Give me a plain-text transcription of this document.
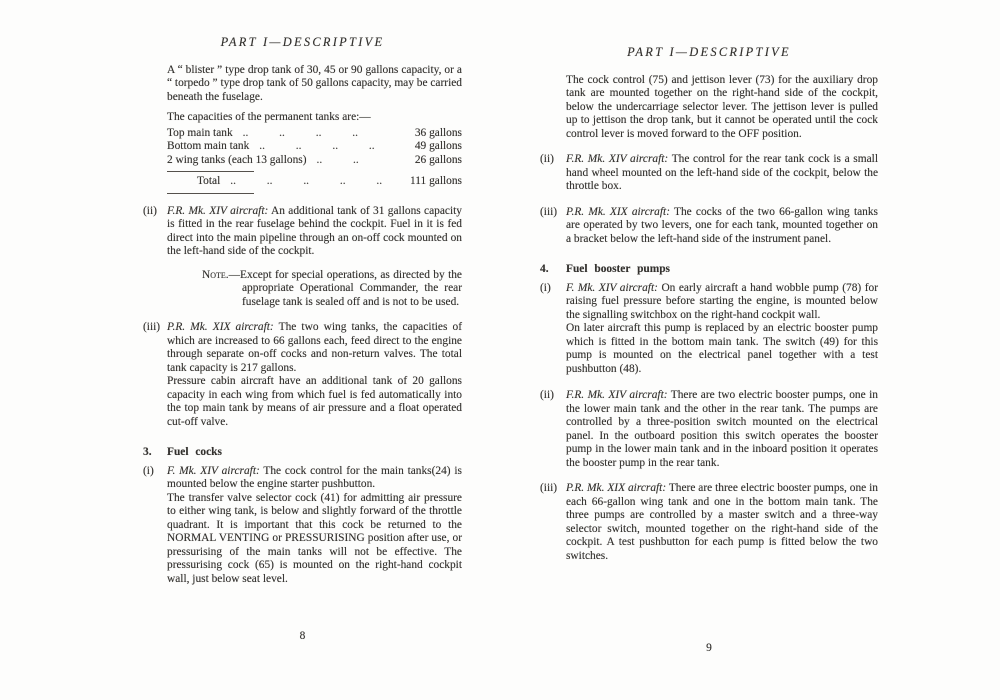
PART I—DESCRIPTIVE

A “ blister ” type drop tank of 30, 45 or 90 gallons capacity, or a “ torpedo ” type drop tank of 50 gallons capacity, may be carried beneath the fuselage.

The capacities of the permanent tanks are:—

Top main tank .. .. .. ..	36 gallons
Bottom main tank .. .. .. ..	49 gallons
2 wing tanks (each 13 gallons) .. ..	26 gallons
Total .. .. .. .. ..	111 gallons
(ii) F.R. Mk. XIV aircraft: An additional tank of 31 gallons capacity is fitted in the rear fuselage behind the cockpit. Fuel in it is fed direct into the main pipeline through an on-off cock mounted on the left-hand side of the cockpit.

Note.—Except for special operations, as directed by the appropriate Operational Commander, the rear fuselage tank is sealed off and is not to be used.

(iii) P.R. Mk. XIX aircraft: The two wing tanks, the capacities of which are increased to 66 gallons each, feed direct to the engine through separate on-off cocks and non-return valves. The total tank capacity is 217 gallons.

Pressure cabin aircraft have an additional tank of 20 gallons capacity in each wing from which fuel is fed automatically into the top main tank by means of air pressure and a float operated cut-off valve.

3.	Fuel cocks
(i)	F. Mk. XIV aircraft: The cock control for the main tanks(24) is mounted below the engine starter pushbutton.

The transfer valve selector cock (41) for admitting air pressure to either wing tank, is below and slightly forward of the throttle quadrant. It is important that this cock be returned to the NORMAL VENTING or PRESSURISING position after use, or pressurising of the main tanks will not be effective. The pressurising cock (65) is mounted on the right-hand cockpit wall, just below seat level.

8
PART I—DESCRIPTIVE

The cock control (75) and jettison lever (73) for the auxiliary drop tank are mounted together on the right-hand side of the cockpit, below the undercarriage selector lever. The jettison lever is pulled up to jettison the drop tank, but it cannot be operated until the cock control lever is moved forward to the OFF position.

(ii)	F.R. Mk. XIV aircraft: The control for the rear tank cock is a small hand wheel mounted on the left-hand side of the cockpit, below the throttle box.

(iii) P.R. Mk. XIX aircraft: The cocks of the two 66-gallon wing tanks are operated by two levers, one for each tank, mounted together on a bracket below the left-hand side of the instrument panel.

4.	Fuel booster pumps
(i)	F. Mk. XIV aircraft: On early aircraft a hand wobble pump (78) for raising fuel pressure before starting the engine, is mounted below the signalling switchbox on the right-hand cockpit wall.

On later aircraft this pump is replaced by an electric booster pump which is fitted in the bottom main tank. The switch (49) for this pump is mounted on the electrical panel together with a test pushbutton (48).

(ii)	F.R. Mk. XIV aircraft: There are two electric booster pumps, one in the lower main tank and the other in the rear tank. The pumps are controlled by a three-position switch mounted on the electrical panel. In the outboard position this switch operates the booster pump in the lower main tank and in the inboard position it operates the booster pump in the rear tank.

(iii) P.R. Mk. XIX aircraft: There are three electric booster pumps, one in each 66-gallon wing tank and one in the bottom main tank. The three pumps are controlled by a master switch and a three-way selector switch, mounted together on the right-hand side of the cockpit. A test pushbutton for each pump is fitted below the two switches.

9
